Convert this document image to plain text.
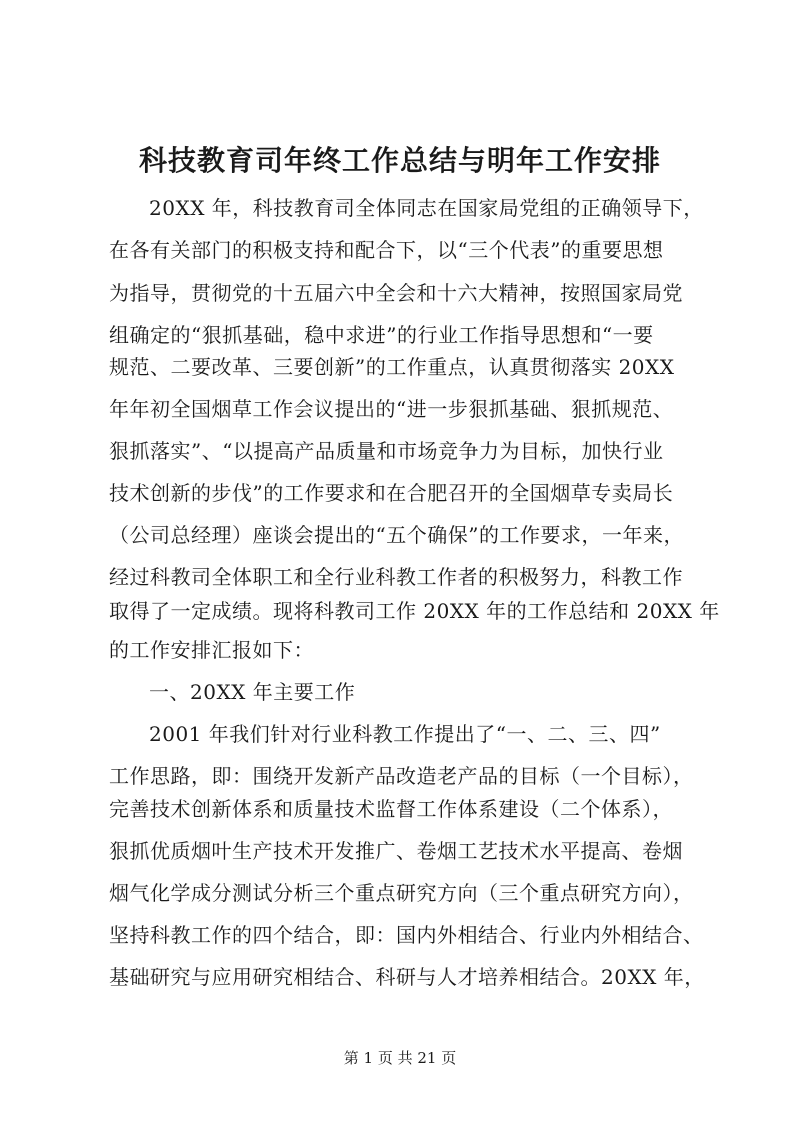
科技教育司年终工作总结与明年工作安排
20XX 年，科技教育司全体同志在国家局党组的正确领导下，
在各有关部门的积极支持和配合下，以“三个代表”的重要思想
为指导，贯彻党的十五届六中全会和十六大精神，按照国家局党
组确定的“狠抓基础，稳中求进”的行业工作指导思想和“一要
规范、二要改革、三要创新”的工作重点，认真贯彻落实 20XX
年年初全国烟草工作会议提出的“进一步狠抓基础、狠抓规范、
狠抓落实”、“以提高产品质量和市场竞争力为目标，加快行业
技术创新的步伐”的工作要求和在合肥召开的全国烟草专卖局长
（公司总经理）座谈会提出的“五个确保”的工作要求，一年来，
经过科教司全体职工和全行业科教工作者的积极努力，科教工作
取得了一定成绩。现将科教司工作 20XX 年的工作总结和 20XX 年
的工作安排汇报如下：
一、20XX 年主要工作
2001 年我们针对行业科教工作提出了“一、二、三、四”
工作思路，即：围绕开发新产品改造老产品的目标（一个目标），
完善技术创新体系和质量技术监督工作体系建设（二个体系），
狠抓优质烟叶生产技术开发推广、卷烟工艺技术水平提高、卷烟
烟气化学成分测试分析三个重点研究方向（三个重点研究方向），
坚持科教工作的四个结合，即：国内外相结合、行业内外相结合、
基础研究与应用研究相结合、科研与人才培养相结合。20XX 年，
第 1 页 共 21 页
